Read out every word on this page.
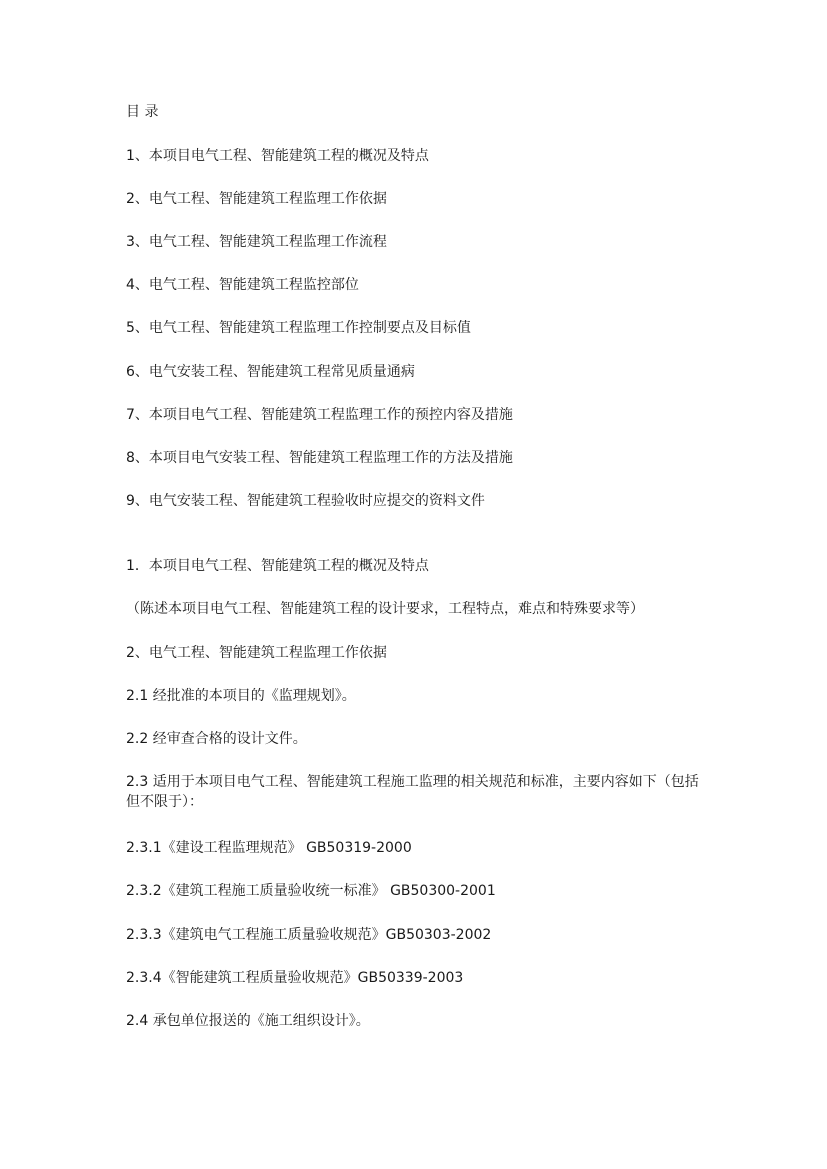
目 录
1、本项目电气工程、智能建筑工程的概况及特点
2、电气工程、智能建筑工程监理工作依据
3、电气工程、智能建筑工程监理工作流程
4、电气工程、智能建筑工程监控部位
5、电气工程、智能建筑工程监理工作控制要点及目标值
6、电气安装工程、智能建筑工程常见质量通病
7、本项目电气工程、智能建筑工程监理工作的预控内容及措施
8、本项目电气安装工程、智能建筑工程监理工作的方法及措施
9、电气安装工程、智能建筑工程验收时应提交的资料文件
1．本项目电气工程、智能建筑工程的概况及特点
（陈述本项目电气工程、智能建筑工程的设计要求，工程特点，难点和特殊要求等）
2、电气工程、智能建筑工程监理工作依据
2.1 经批准的本项目的《监理规划》。
2.2 经审查合格的设计文件。
2.3 适用于本项目电气工程、智能建筑工程施工监理的相关规范和标准，主要内容如下（包括但不限于）：
2.3.1《建设工程监理规范》 GB50319-2000
2.3.2《建筑工程施工质量验收统一标准》 GB50300-2001
2.3.3《建筑电气工程施工质量验收规范》GB50303-2002
2.3.4《智能建筑工程质量验收规范》GB50339-2003
2.4 承包单位报送的《施工组织设计》。
